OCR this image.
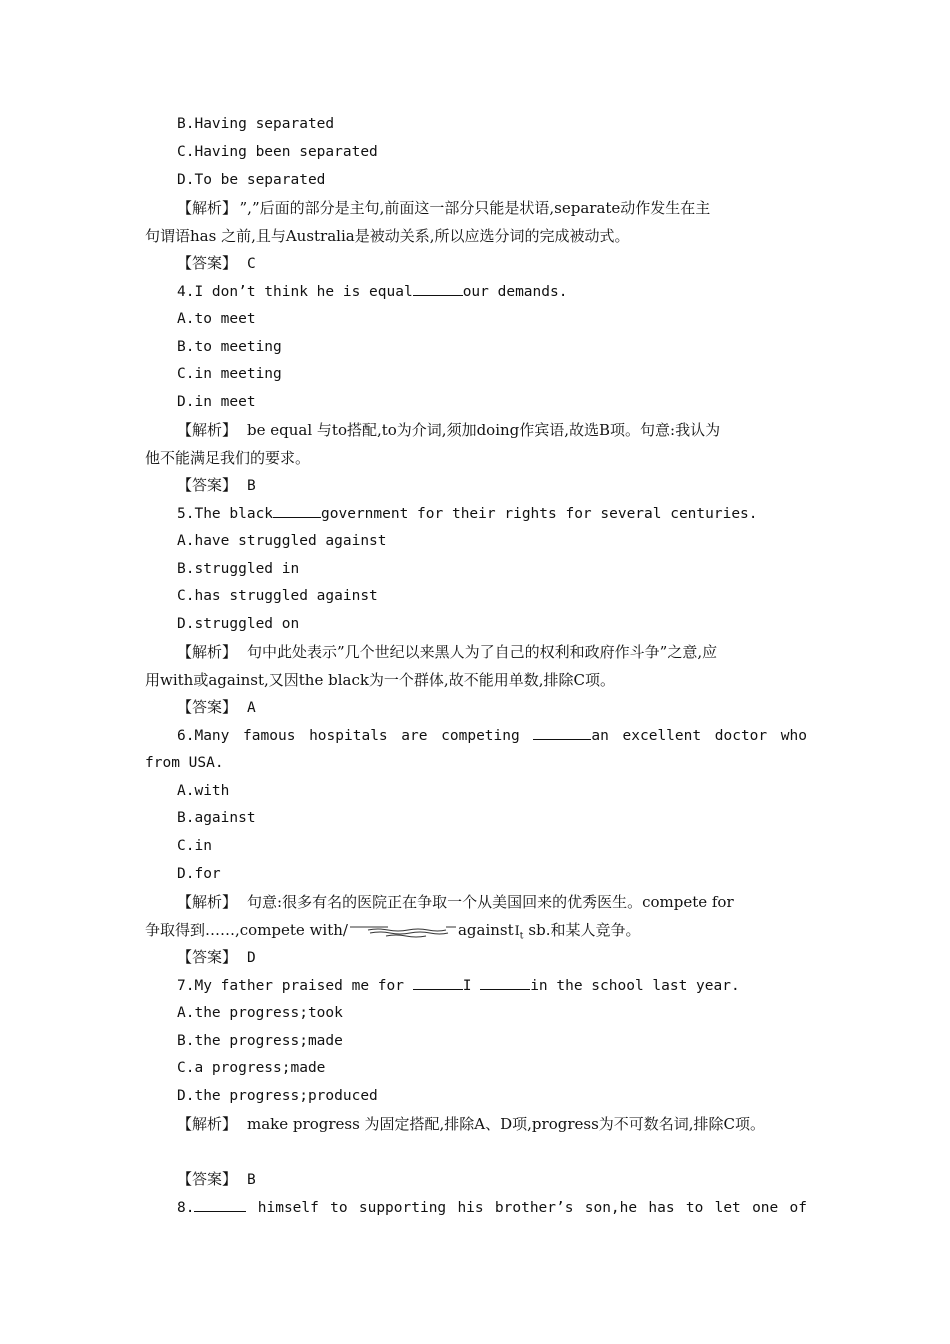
B.Having separated
C.Having been separated
D.To be separated
【解析】 ”,”后面的部分是主句,前面这一部分只能是状语,separate动作发生在主
句谓语has 之前,且与Australia是被动关系,所以应选分词的完成被动式。
【答案】 C
4.I don’t think he is equal	our demands.
A.to meet
B.to meeting
C.in meeting
D.in meet
【解析】 be equal 与to搭配,to为介词,须加doing作宾语,故选B项。句意:我认为
他不能满足我们的要求。
【答案】 B
5.The black	government for their rights for several centuries.
A.have struggled against
B.struggled in
C.has struggled against
D.struggled on
【解析】 句中此处表示”几个世纪以来黑人为了自己的权利和政府作斗争”之意,应
用with或against,又因the black为一个群体,故不能用单数,排除C项。
【答案】 A
6.Many famous hospitals are competing	an excellent doctor who
from USA.
A.with
B.against
C.in
D.for
【解析】 句意:很多有名的医院正在争取一个从美国回来的优秀医生。compete for
争取得到……,compete with/	againstI$_t$ sb.和某人竞争。
【答案】 D
7.My father praised me for	I	in the school last year.
A.the progress;took
B.the progress;made
C.a progress;made
D.the progress;produced
【解析】 make progress 为固定搭配,排除A、D项,progress为不可数名词,排除C项。
【答案】 B
8.	himself to supporting his brother’s son,he has to let one of
